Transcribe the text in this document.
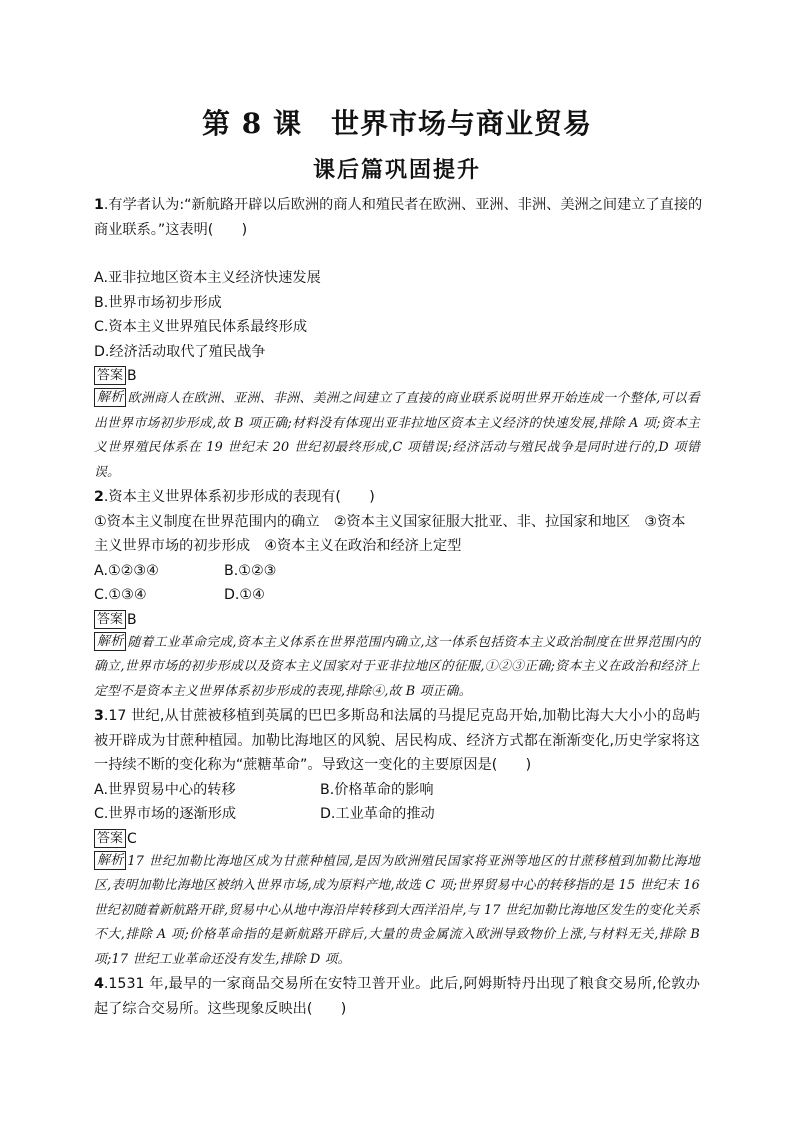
第 8 课　世界市场与商业贸易
课后篇巩固提升

1.有学者认为:“新航路开辟以后欧洲的商人和殖民者在欧洲、亚洲、非洲、美洲之间建立了直接的

商业联系。”这表明(　　)

A.亚非拉地区资本主义经济快速发展

B.世界市场初步形成

C.资本主义世界殖民体系最终形成

D.经济活动取代了殖民战争

答案 B

解析 欧洲商人在欧洲、亚洲、非洲、美洲之间建立了直接的商业联系说明世界开始连成一个整体,可以看出世界市场初步形成,故 B 项正确;材料没有体现出亚非拉地区资本主义经济的快速发展,排除 A 项;资本主义世界殖民体系在 19 世纪末 20 世纪初最终形成,C 项错误;经济活动与殖民战争是同时进行的,D 项错误。

2.资本主义世界体系初步形成的表现有(　　)

①资本主义制度在世界范围内的确立　②资本主义国家征服大批亚、非、拉国家和地区　③资本

主义世界市场的初步形成　④资本主义在政治和经济上定型

A.①②③④	B.①②③

C.①③④	D.①④

答案 B

解析 随着工业革命完成,资本主义体系在世界范围内确立,这一体系包括资本主义政治制度在世界范围内的确立,世界市场的初步形成以及资本主义国家对于亚非拉地区的征服,①②③正确;资本主义在政治和经济上定型不是资本主义世界体系初步形成的表现,排除④,故 B 项正确。

3.17 世纪,从甘蔗被移植到英属的巴巴多斯岛和法属的马提尼克岛开始,加勒比海大大小小的岛屿被开辟成为甘蔗种植园。加勒比海地区的风貌、居民构成、经济方式都在渐渐变化,历史学家将这一持续不断的变化称为“蔗糖革命”。导致这一变化的主要原因是(　　)

A.世界贸易中心的转移	B.价格革命的影响

C.世界市场的逐渐形成	D.工业革命的推动

答案 C

解析 17 世纪加勒比海地区成为甘蔗种植园,是因为欧洲殖民国家将亚洲等地区的甘蔗移植到加勒比海地区,表明加勒比海地区被纳入世界市场,成为原料产地,故选 C 项;世界贸易中心的转移指的是 15 世纪末 16 世纪初随着新航路开辟,贸易中心从地中海沿岸转移到大西洋沿岸,与 17 世纪加勒比海地区发生的变化关系不大,排除 A 项;价格革命指的是新航路开辟后,大量的贵金属流入欧洲导致物价上涨,与材料无关,排除 B 项;17 世纪工业革命还没有发生,排除 D 项。

4.1531 年,最早的一家商品交易所在安特卫普开业。此后,阿姆斯特丹出现了粮食交易所,伦敦办起了综合交易所。这些现象反映出(　　)
